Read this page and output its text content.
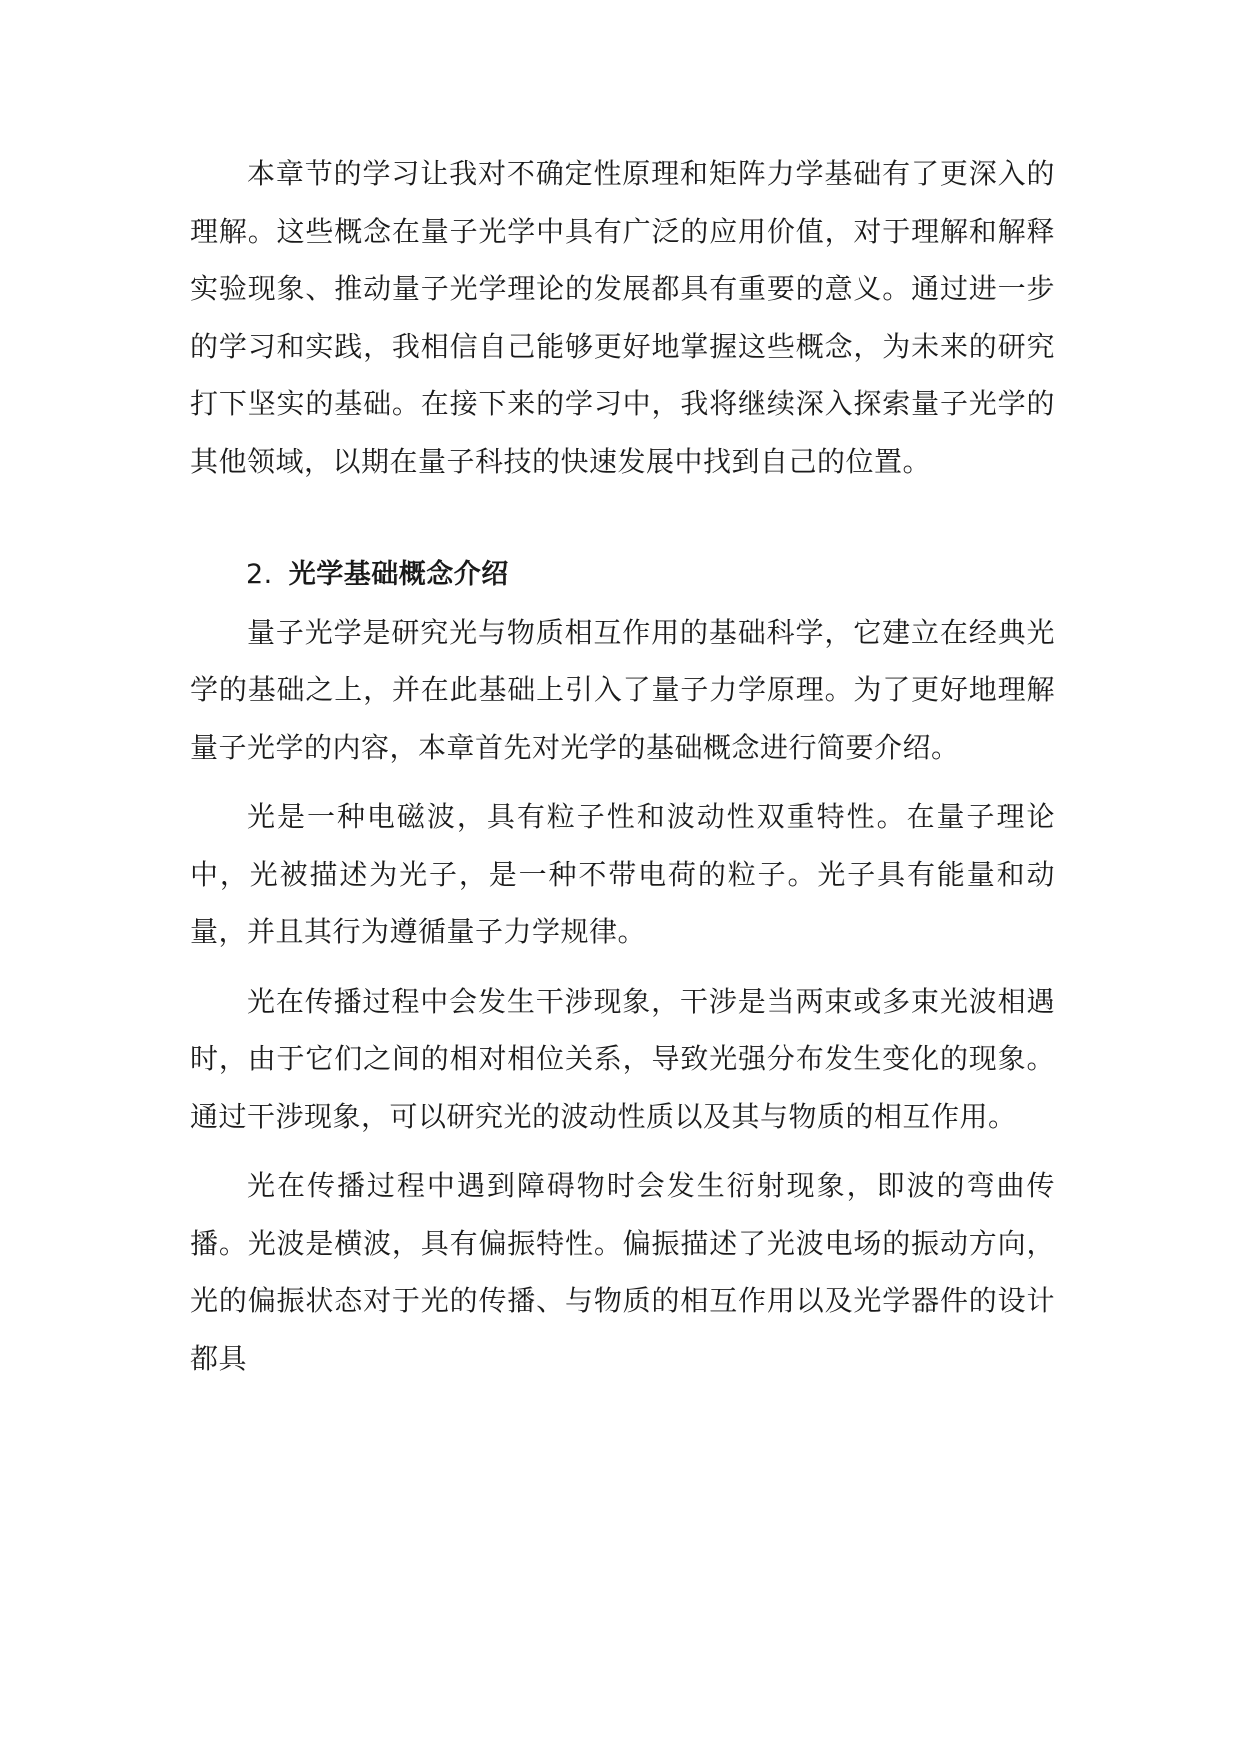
本章节的学习让我对不确定性原理和矩阵力学基础有了更深入的理解。这些概念在量子光学中具有广泛的应用价值，对于理解和解释实验现象、推动量子光学理论的发展都具有重要的意义。通过进一步的学习和实践，我相信自己能够更好地掌握这些概念，为未来的研究打下坚实的基础。在接下来的学习中，我将继续深入探索量子光学的其他领域，以期在量子科技的快速发展中找到自己的位置。

2. 光学基础概念介绍

量子光学是研究光与物质相互作用的基础科学，它建立在经典光学的基础之上，并在此基础上引入了量子力学原理。为了更好地理解量子光学的内容，本章首先对光学的基础概念进行简要介绍。

光是一种电磁波，具有粒子性和波动性双重特性。在量子理论中，光被描述为光子，是一种不带电荷的粒子。光子具有能量和动量，并且其行为遵循量子力学规律。

光在传播过程中会发生干涉现象，干涉是当两束或多束光波相遇时，由于它们之间的相对相位关系，导致光强分布发生变化的现象。通过干涉现象，可以研究光的波动性质以及其与物质的相互作用。

光在传播过程中遇到障碍物时会发生衍射现象，即波的弯曲传播。光波是横波，具有偏振特性。偏振描述了光波电场的振动方向，光的偏振状态对于光的传播、与物质的相互作用以及光学器件的设计都具
